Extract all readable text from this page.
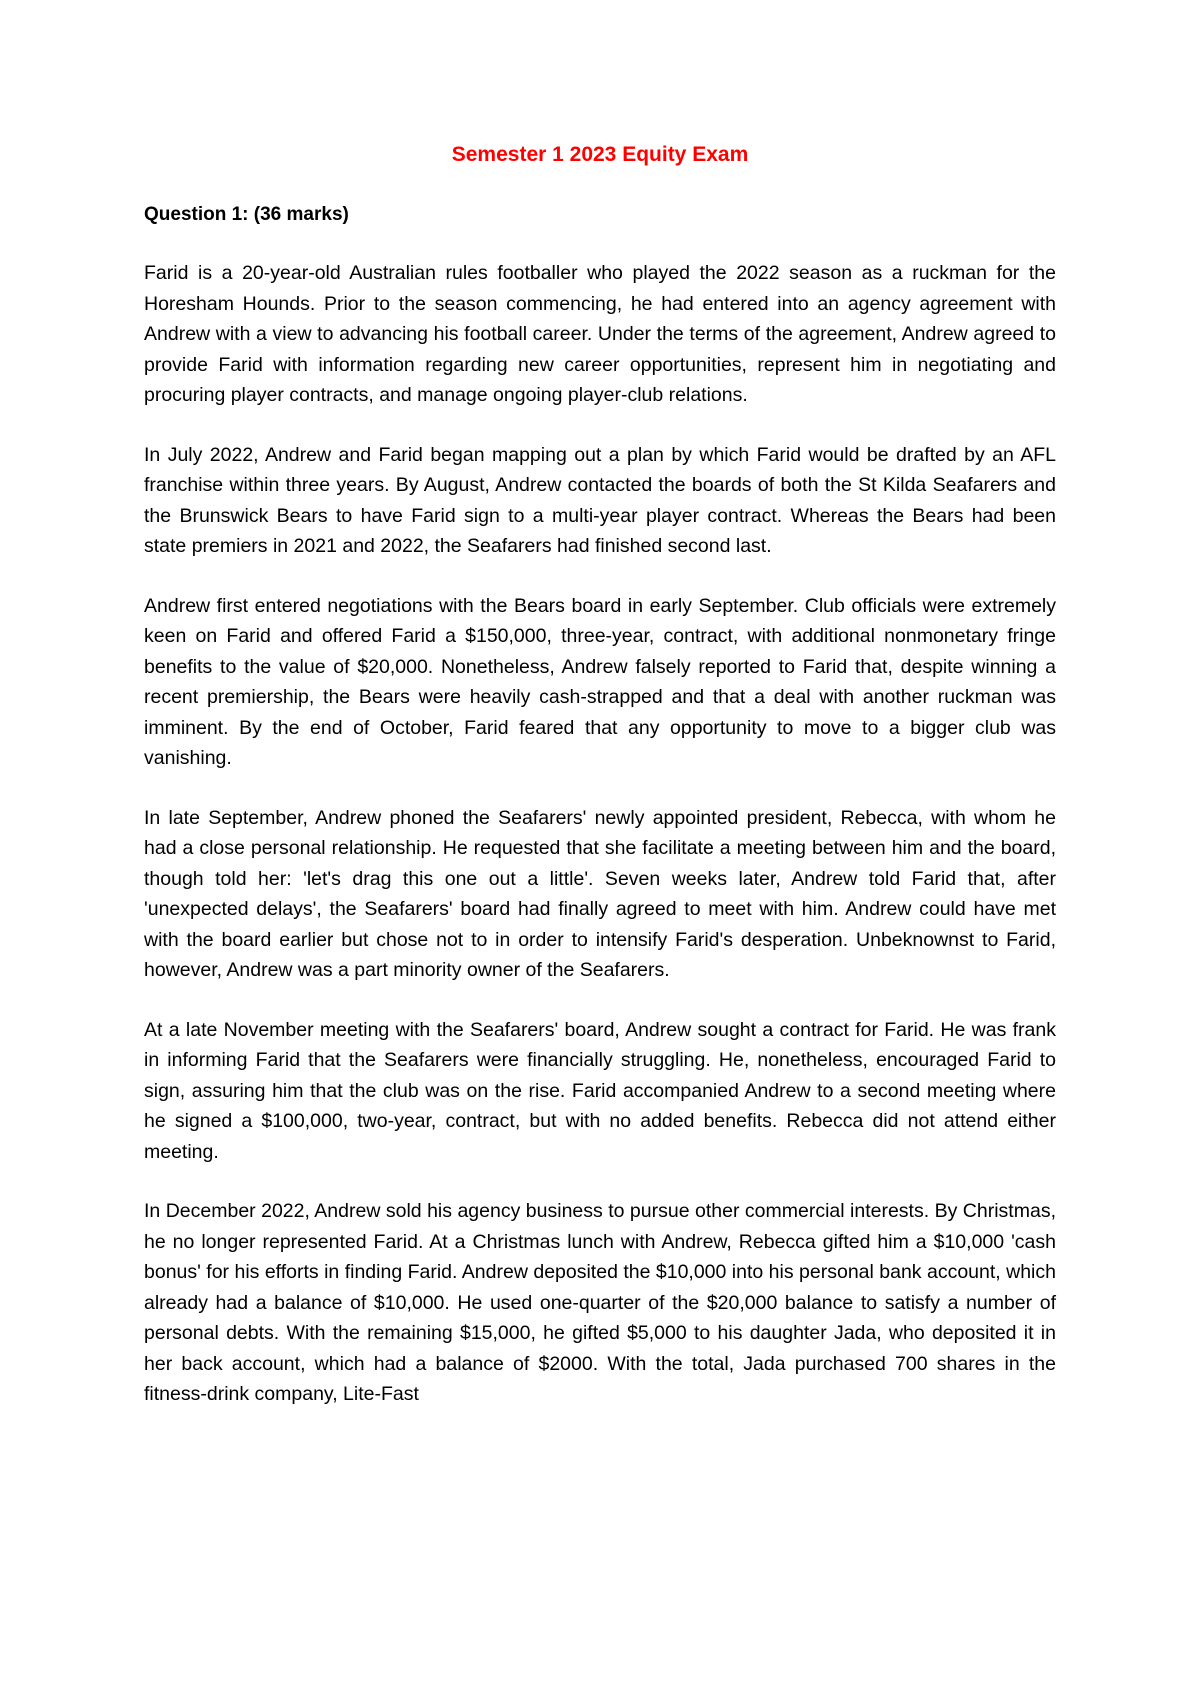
Semester 1 2023 Equity Exam
Question 1: (36 marks)

Farid is a 20-year-old Australian rules footballer who played the 2022 season as a ruckman for the Horesham Hounds. Prior to the season commencing, he had entered into an agency agreement with Andrew with a view to advancing his football career. Under the terms of the agreement, Andrew agreed to provide Farid with information regarding new career opportunities, represent him in negotiating and procuring player contracts, and manage ongoing player-club relations.

In July 2022, Andrew and Farid began mapping out a plan by which Farid would be drafted by an AFL franchise within three years. By August, Andrew contacted the boards of both the St Kilda Seafarers and the Brunswick Bears to have Farid sign to a multi-year player contract. Whereas the Bears had been state premiers in 2021 and 2022, the Seafarers had finished second last.

Andrew first entered negotiations with the Bears board in early September. Club officials were extremely keen on Farid and offered Farid a $150,000, three-year, contract, with additional nonmonetary fringe benefits to the value of $20,000. Nonetheless, Andrew falsely reported to Farid that, despite winning a recent premiership, the Bears were heavily cash-strapped and that a deal with another ruckman was imminent. By the end of October, Farid feared that any opportunity to move to a bigger club was vanishing.

In late September, Andrew phoned the Seafarers' newly appointed president, Rebecca, with whom he had a close personal relationship. He requested that she facilitate a meeting between him and the board, though told her: 'let's drag this one out a little'. Seven weeks later, Andrew told Farid that, after 'unexpected delays', the Seafarers' board had finally agreed to meet with him. Andrew could have met with the board earlier but chose not to in order to intensify Farid's desperation. Unbeknownst to Farid, however, Andrew was a part minority owner of the Seafarers.

At a late November meeting with the Seafarers' board, Andrew sought a contract for Farid. He was frank in informing Farid that the Seafarers were financially struggling. He, nonetheless, encouraged Farid to sign, assuring him that the club was on the rise. Farid accompanied Andrew to a second meeting where he signed a $100,000, two-year, contract, but with no added benefits. Rebecca did not attend either meeting.

In December 2022, Andrew sold his agency business to pursue other commercial interests. By Christmas, he no longer represented Farid. At a Christmas lunch with Andrew, Rebecca gifted him a $10,000 'cash bonus' for his efforts in finding Farid. Andrew deposited the $10,000 into his personal bank account, which already had a balance of $10,000. He used one-quarter of the $20,000 balance to satisfy a number of personal debts. With the remaining $15,000, he gifted $5,000 to his daughter Jada, who deposited it in her back account, which had a balance of $2000. With the total, Jada purchased 700 shares in the fitness-drink company, Lite-Fast
